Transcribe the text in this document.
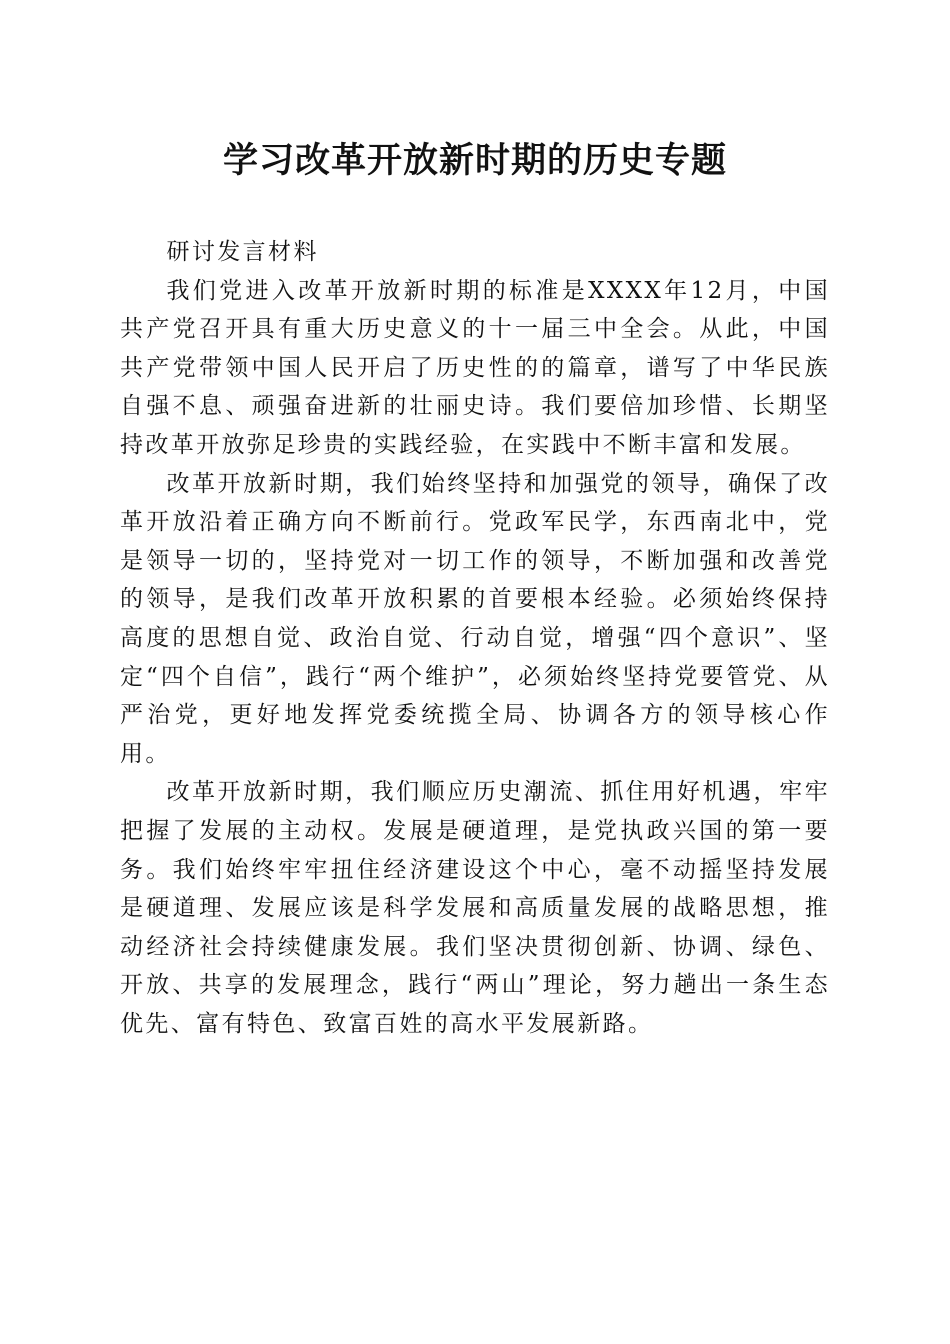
学习改革开放新时期的历史专题

研讨发言材料

我们党进入改革开放新时期的标准是XXXX年12月，中国共产党召开具有重大历史意义的十一届三中全会。从此，中国共产党带领中国人民开启了历史性的的篇章，谱写了中华民族自强不息、顽强奋进新的壮丽史诗。我们要倍加珍惜、长期坚持改革开放弥足珍贵的实践经验，在实践中不断丰富和发展。

改革开放新时期，我们始终坚持和加强党的领导，确保了改革开放沿着正确方向不断前行。党政军民学，东西南北中，党是领导一切的，坚持党对一切工作的领导，不断加强和改善党的领导，是我们改革开放积累的首要根本经验。必须始终保持高度的思想自觉、政治自觉、行动自觉，增强“四个意识”、坚定“四个自信”，践行“两个维护”，必须始终坚持党要管党、从严治党，更好地发挥党委统揽全局、协调各方的领导核心作用。

改革开放新时期，我们顺应历史潮流、抓住用好机遇，牢牢把握了发展的主动权。发展是硬道理，是党执政兴国的第一要务。我们始终牢牢扭住经济建设这个中心，毫不动摇坚持发展是硬道理、发展应该是科学发展和高质量发展的战略思想，推动经济社会持续健康发展。我们坚决贯彻创新、协调、绿色、开放、共享的发展理念，践行“两山”理论，努力趟出一条生态优先、富有特色、致富百姓的高水平发展新路。
